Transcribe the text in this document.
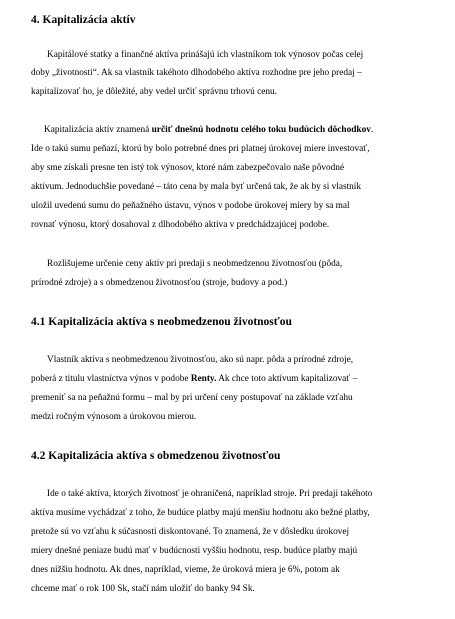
4. Kapitalizácia aktív

Kapitálové statky a finančné aktíva prinášajú ich vlastníkom tok výnosov počas celej

doby „životnosti“. Ak sa vlastník takéhoto dlhodobého aktíva rozhodne pre jeho predaj –

kapitalizovať ho, je dôležité, aby vedel určiť správnu trhovú cenu.

Kapitalizácia aktív znamená určiť dnešnú hodnotu celého toku budúcich dôchodkov.

Ide o takú sumu peňazí, ktorú by bolo potrebné dnes pri platnej úrokovej miere investovať,

aby sme získali presne ten istý tok výnosov, ktoré nám zabezpečovalo naše pôvodné

aktívum. Jednoduchšie povedané – táto cena by mala byť určená tak, že ak by si vlastník

uložil uvedenú sumu do peňažného ústavu, výnos v podobe úrokovej miery by sa mal

rovnať výnosu, ktorý dosahoval z dlhodobého aktíva v predchádzajúcej podobe.

Rozlišujeme určenie ceny aktív pri predaji s neobmedzenou životnosťou (pôda,

prírodné zdroje) a s obmedzenou životnosťou (stroje, budovy a pod.)

4.1 Kapitalizácia aktíva s neobmedzenou životnosťou

Vlastník aktíva s neobmedzenou životnosťou, ako sú napr. pôda a prírodné zdroje,

poberá z titulu vlastníctva výnos v podobe Renty. Ak chce toto aktívum kapitalizovať –

premeniť sa na peňažnú formu – mal by pri určení ceny postupovať na základe vzťahu

medzi ročným výnosom a úrokovou mierou.

4.2 Kapitalizácia aktíva s obmedzenou životnosťou

Ide o také aktíva, ktorých životnosť je ohraničená, napríklad stroje. Pri predaji takéhoto

aktíva musíme vychádzať z toho, že budúce platby majú menšiu hodnotu ako bežné platby,

pretože sú vo vzťahu k súčasnosti diskontované. To znamená, že v dôsledku úrokovej

miery dnešné peniaze budú mať v budúcnosti vyššiu hodnotu, resp. budúce platby majú

dnes nižšiu hodnotu. Ak dnes, napríklad, vieme, že úroková miera je 6%, potom ak

chceme mať o rok 100 Sk, stačí nám uložiť do banky 94 Sk.
